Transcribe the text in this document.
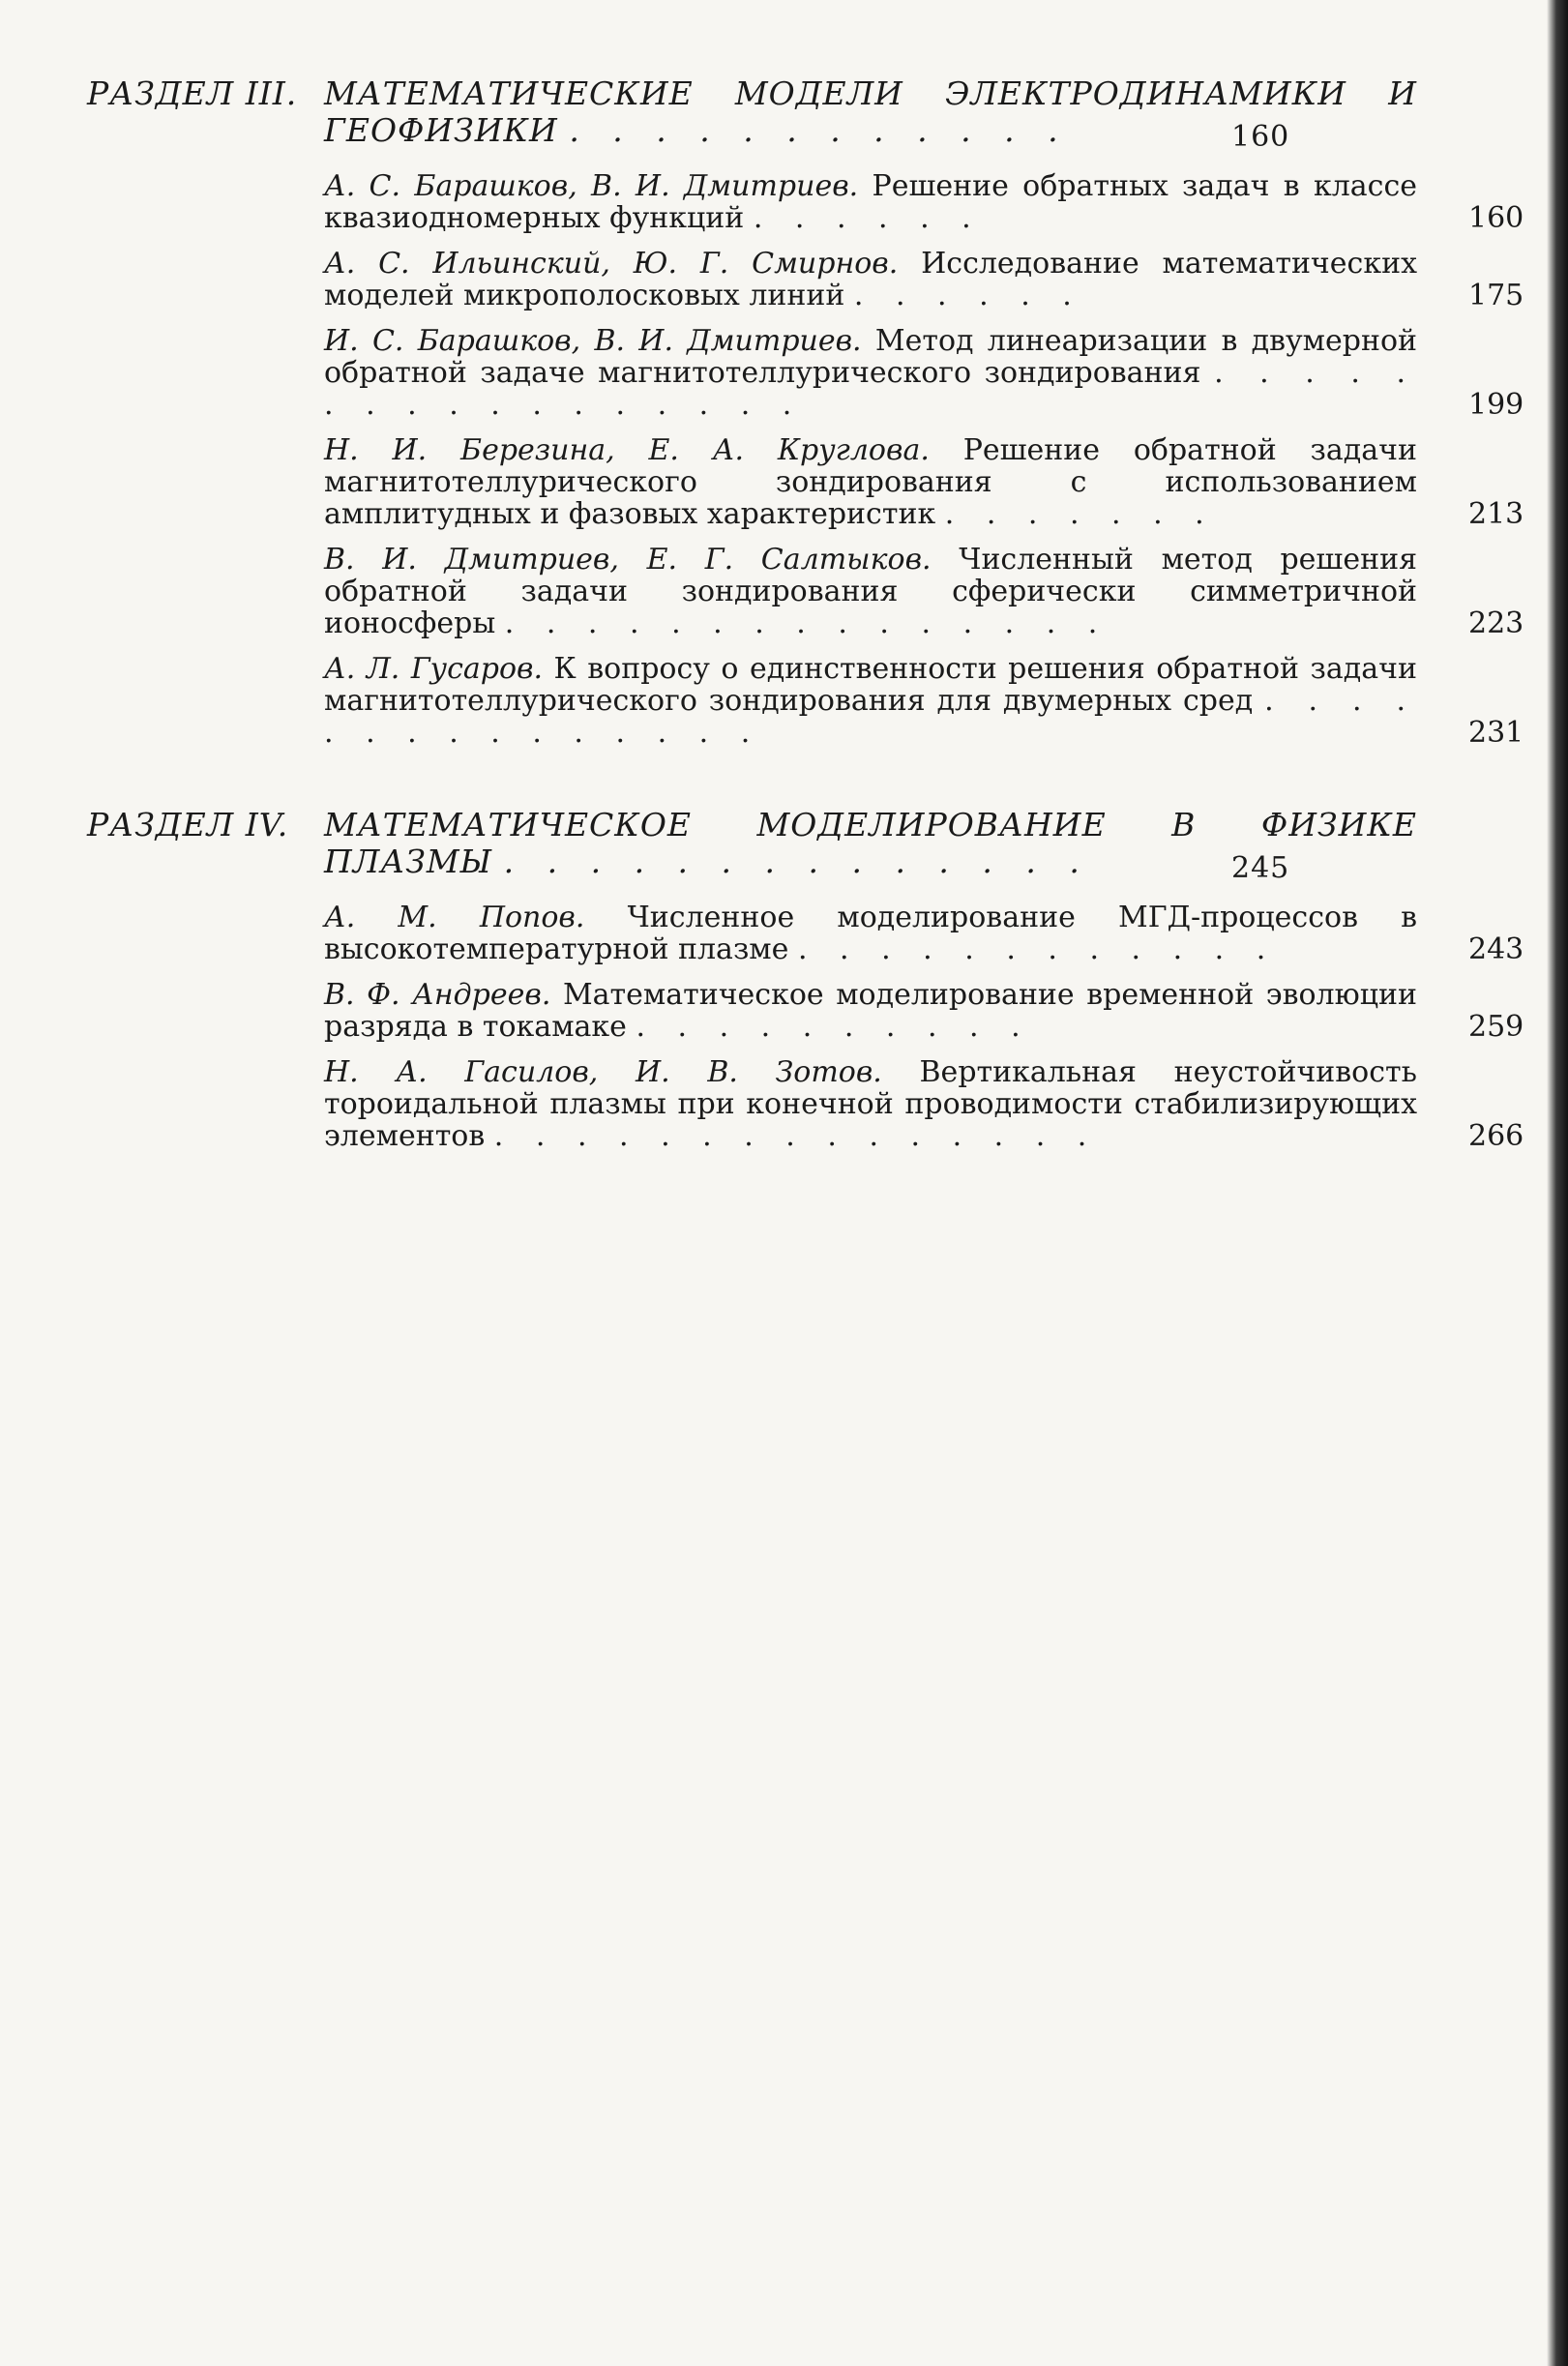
РАЗДЕЛ III. МАТЕМАТИЧЕСКИЕ МОДЕЛИ ЭЛЕКТРОДИНАМИКИ И ГЕОФИЗИКИ . . . . . . . . . . . .	160
А. С. Барашков, В. И. Дмитриев. Решение обратных задач в классе квазиодномерных функций . . . . . .	160
А. С. Ильинский, Ю. Г. Смирнов. Исследование математических моделей микрополосковых линий . . . . . .	175
И. С. Барашков, В. И. Дмитриев. Метод линеаризации в двумерной обратной задаче магнитотеллурического зондирования . . . . . . . . . . . . . . . . .	199
Н. И. Березина, Е. А. Круглова. Решение обратной задачи магнитотеллурического зондирования с использованием амплитудных и фазовых характеристик . . . . . . .	213
В. И. Дмитриев, Е. Г. Салтыков. Численный метод решения обратной задачи зондирования сферически симметричной ионосферы . . . . . . . . . . . . . . .	223
А. Л. Гусаров. К вопросу о единственности решения обратной задачи магнитотеллурического зондирования для двумерных сред . . . . . . . . . . . . . . .	231
РАЗДЕЛ IV.	МАТЕМАТИЧЕСКОЕ МОДЕЛИРОВАНИЕ В ФИЗИКЕ ПЛАЗМЫ . . . . . . . . . . . . . .	245
А. М. Попов. Численное моделирование МГД-процессов в высокотемпературной плазме . . . . . . . . . . . .	243
В. Ф. Андреев. Математическое моделирование временной эволюции разряда в токамаке . . . . . . . . . .	259
Н. А. Гасилов, И. В. Зотов. Вертикальная неустойчивость тороидальной плазмы при конечной проводимости стабилизирующих элементов . . . . . . . . . . . . . . .	266
